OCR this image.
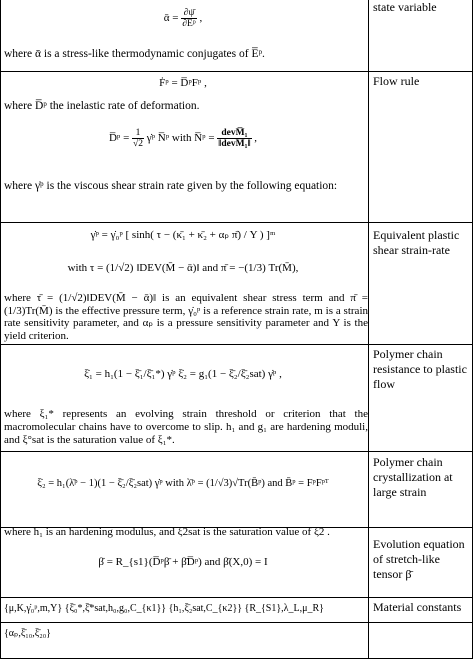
ᾱ = $\frac{\partial\psī}{\text{∂E̅ᵖ}}$ ,
where ᾱ is a stress-like thermodynamic conjugates of E̅ᵖ.
state variable
Ḟᵖ = D̅ᵖFᵖ ,
where D̅ᵖ the inelastic rate of deformation.
D̅ᵖ = $\frac{1}{√2}$ γ̇ᵖ N̅ᵖ with N̅ᵖ = $\frac{\text{devM̅₁}}{\text{‖devM̅₁‖}}$ ,
where γ̇ᵖ is the viscous shear strain rate given by the following equation:
Flow rule
γ̇ᵖ = γ̇₀ᵖ [ sinh( τ − (κ̄₁ + κ̄₂ + αₚ π̄) / Y ) ]ᵐ
with τ = (1/√2) ‖DEV(M̄ − ᾱ)‖ and π̄ = −(1/3) Tr(M̄),
where τ̄ = (1/√2)‖DEV(M̄ − ᾱ)‖ is an equivalent shear stress term and π̄ = (1/3)Tr(M̄) is the effective pressure term, γ̇₀ᵖ is a reference strain rate, m is a strain rate sensitivity parameter, and αₚ is a pressure sensitivity parameter and Y is the yield criterion.
Equivalent plastic shear strain-rate
ξ̇₁ = h₁(1 − ξ̄₁/ξ̄₁*) γ̇ᵖ ξ̇₂ = g₁(1 − ξ̄₂/ξ̄₂sat) γ̇ᵖ ,
where ξ₁* represents an evolving strain threshold or criterion that the macromolecular chains have to overcome to slip. h₁ and g₁ are hardening moduli, and ξ°sat is the saturation value of ξ₁*.
Polymer chain resistance to plastic flow
ξ̇₂ = h₁(λ̄ᵖ − 1)(1 − ξ̄₂/ξ̄₂sat) γ̇ᵖ with λ̄ᵖ = (1/√3)√Tr(B̄ᵖ) and B̄ᵖ = FᵖFᵖᵀ
where h₁ is an hardening modulus, and ξ2sat is the saturation value of ξ2 .
Polymer chain crystallization at large strain
β̇ = R_{s1}(D̅ᵖβ̄ + β̄D̅ᵖ) and β̄(X,0) = I
Evolution equation of stretch-like tensor β̄
{μ,K,γ̇₀ᵖ,m,Y} {ξ̄₀*,ξ̄*sat,h₀,g₀,C_{κ1}} {h₁,ξ̄₂sat,C_{κ2}} {R_{S1},λ_L,μ_R}
{αₚ,ξ̄₁₀,ξ̄₂₀}
Material constants
